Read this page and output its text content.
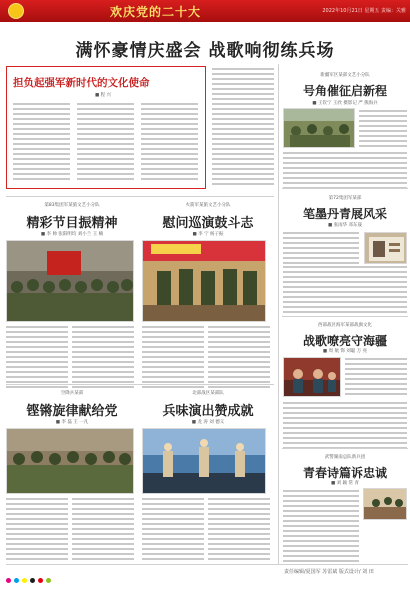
欢庆党的二十大	2022年10月21日 星期五 责编：关雅
满怀豪情庆盛会 战歌响彻练兵场
担负起强军新时代的文化使命
■ 程 兴
新疆军区某部文艺小分队
号角催征启新程
■ 王钦宁 王欣 摄影记 严 熊海兵
第72集团军某部
笔墨丹青展风采
■ 张雨华 邓东晟
西部战区海军某部战旗文化
战歌嘹亮守海疆
■ 周 航 饰 刘聪 万 亮
武警湖南总队新兵团
青春诗篇诉忠诚
■ 刘 颖 常 青
第83集团军某旅文艺小分队
精彩节目振精神
■ 李 帅 张阳明均 刘小兰 王 楠
火箭军某旅文艺小分队
慰问巡演鼓斗志
■ 李 宁 杨子振
空降兵某部
铿锵旋律献给党
■ 李 磊 王 一凡
北部战区某部队
兵味演出赞成就
■ 龙 涛 刘 德义
责任编辑/夏国军 苏雷斌 版式设计/ 刘 田
